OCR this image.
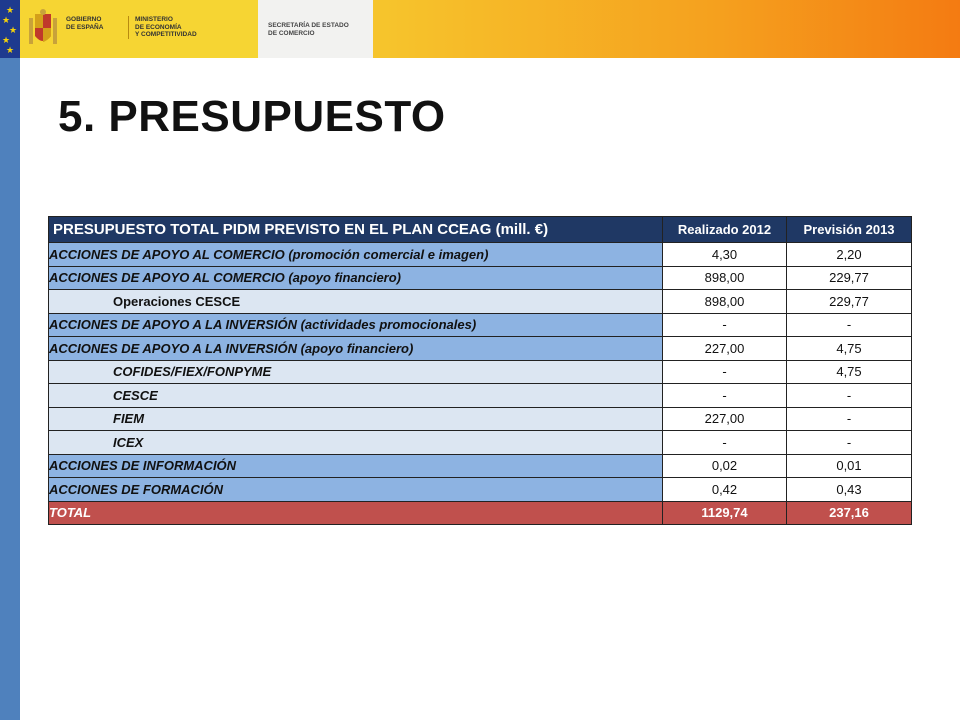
★
★
★
★
★
GOBIERNO
DE ESPAÑA
MINISTERIO
DE ECONOMÍA
Y COMPETITIVIDAD
SECRETARÍA DE ESTADO
DE COMERCIO
5. PRESUPUESTO
PRESUPUESTO TOTAL PIDM PREVISTO EN EL PLAN CCEAG (mill. €)	Realizado 2012	Previsión 2013
ACCIONES DE APOYO AL COMERCIO (promoción comercial e imagen)	4,30	2,20
ACCIONES DE APOYO AL COMERCIO (apoyo financiero)	898,00	229,77
Operaciones CESCE	898,00	229,77
ACCIONES DE APOYO A LA INVERSIÓN (actividades promocionales)	-	-
ACCIONES DE APOYO A LA INVERSIÓN (apoyo financiero)	227,00	4,75
COFIDES/FIEX/FONPYME	-	4,75
CESCE	-	-
FIEM	227,00	-
ICEX	-	-
ACCIONES DE INFORMACIÓN	0,02	0,01
ACCIONES DE FORMACIÓN	0,42	0,43
TOTAL	1129,74	237,16
